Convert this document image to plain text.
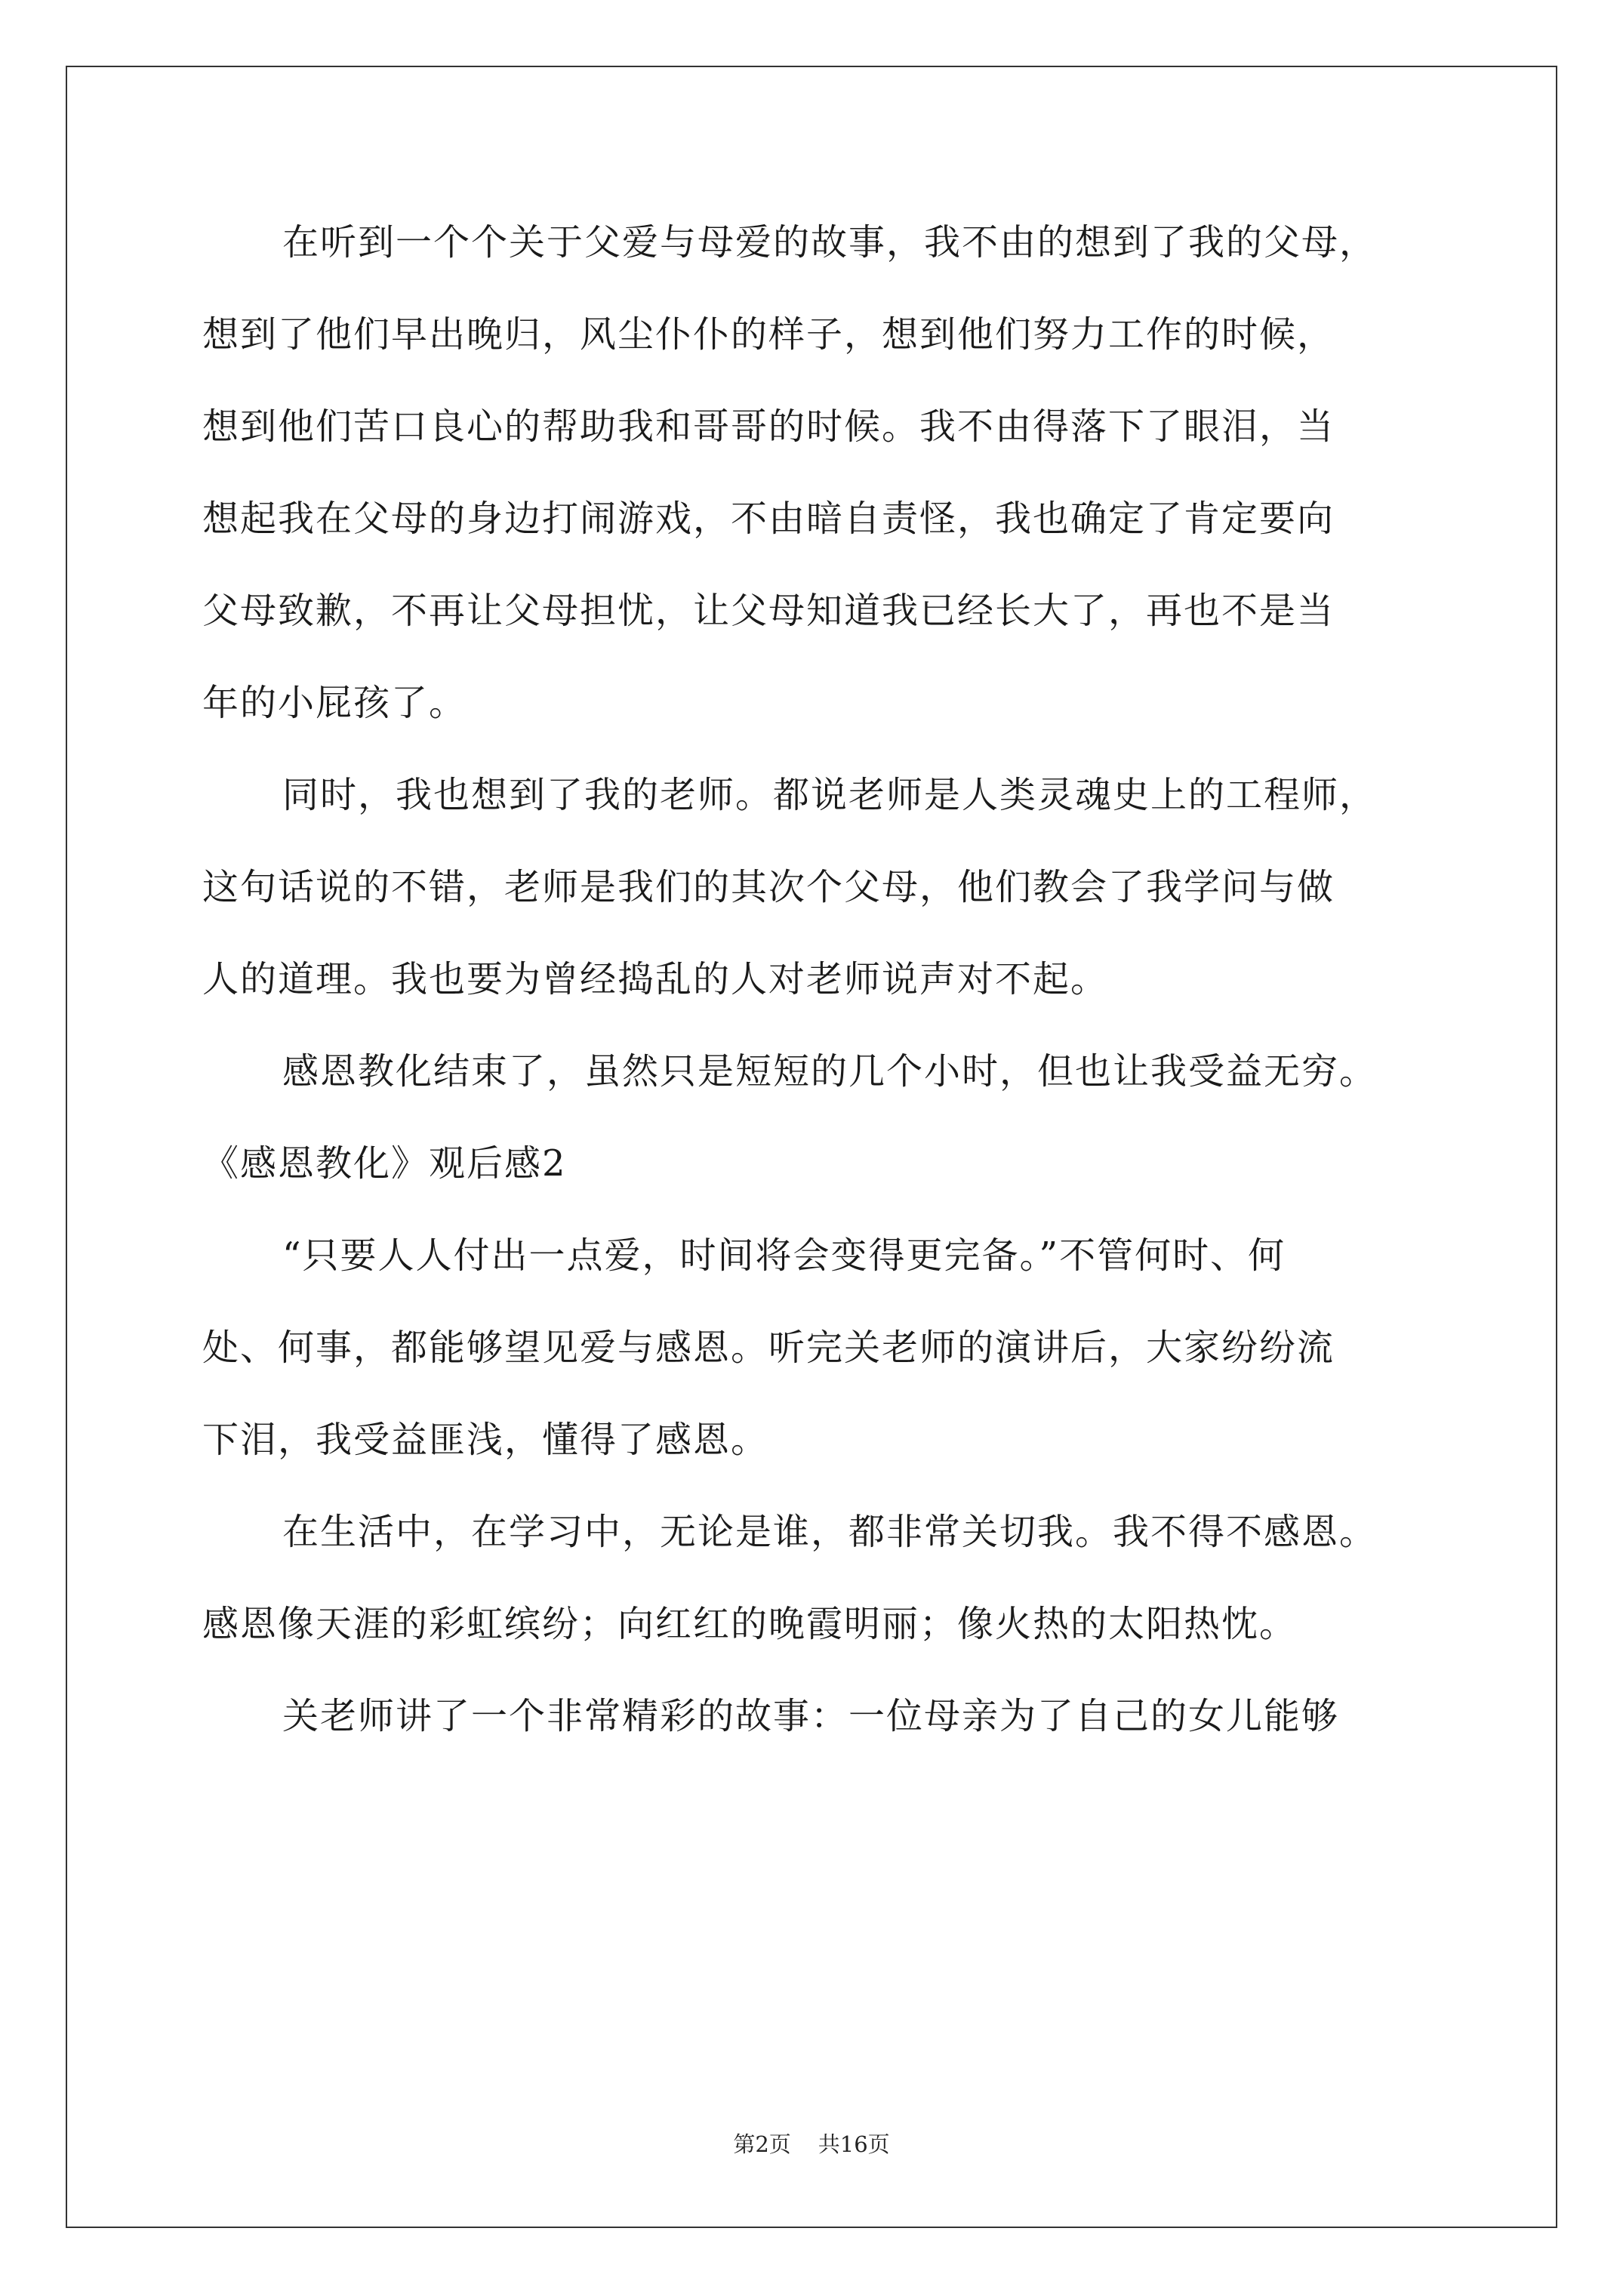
在听到一个个关于父爱与母爱的故事，我不由的想到了我的父母，
想到了他们早出晚归，风尘仆仆的样子，想到他们努力工作的时候，
想到他们苦口良心的帮助我和哥哥的时候。我不由得落下了眼泪，当
想起我在父母的身边打闹游戏，不由暗自责怪，我也确定了肯定要向
父母致歉，不再让父母担忧，让父母知道我已经长大了，再也不是当
年的小屁孩了。
同时，我也想到了我的老师。都说老师是人类灵魂史上的工程师，
这句话说的不错，老师是我们的其次个父母，他们教会了我学问与做
人的道理。我也要为曾经捣乱的人对老师说声对不起。
感恩教化结束了，虽然只是短短的几个小时，但也让我受益无穷。
《感恩教化》观后感2
“只要人人付出一点爱，时间将会变得更完备。”不管何时、何
处、何事，都能够望见爱与感恩。听完关老师的演讲后，大家纷纷流
下泪，我受益匪浅，懂得了感恩。
在生活中，在学习中，无论是谁，都非常关切我。我不得不感恩。
感恩像天涯的彩虹缤纷；向红红的晚霞明丽；像火热的太阳热忱。
关老师讲了一个非常精彩的故事：一位母亲为了自己的女儿能够
第2页 共16页
